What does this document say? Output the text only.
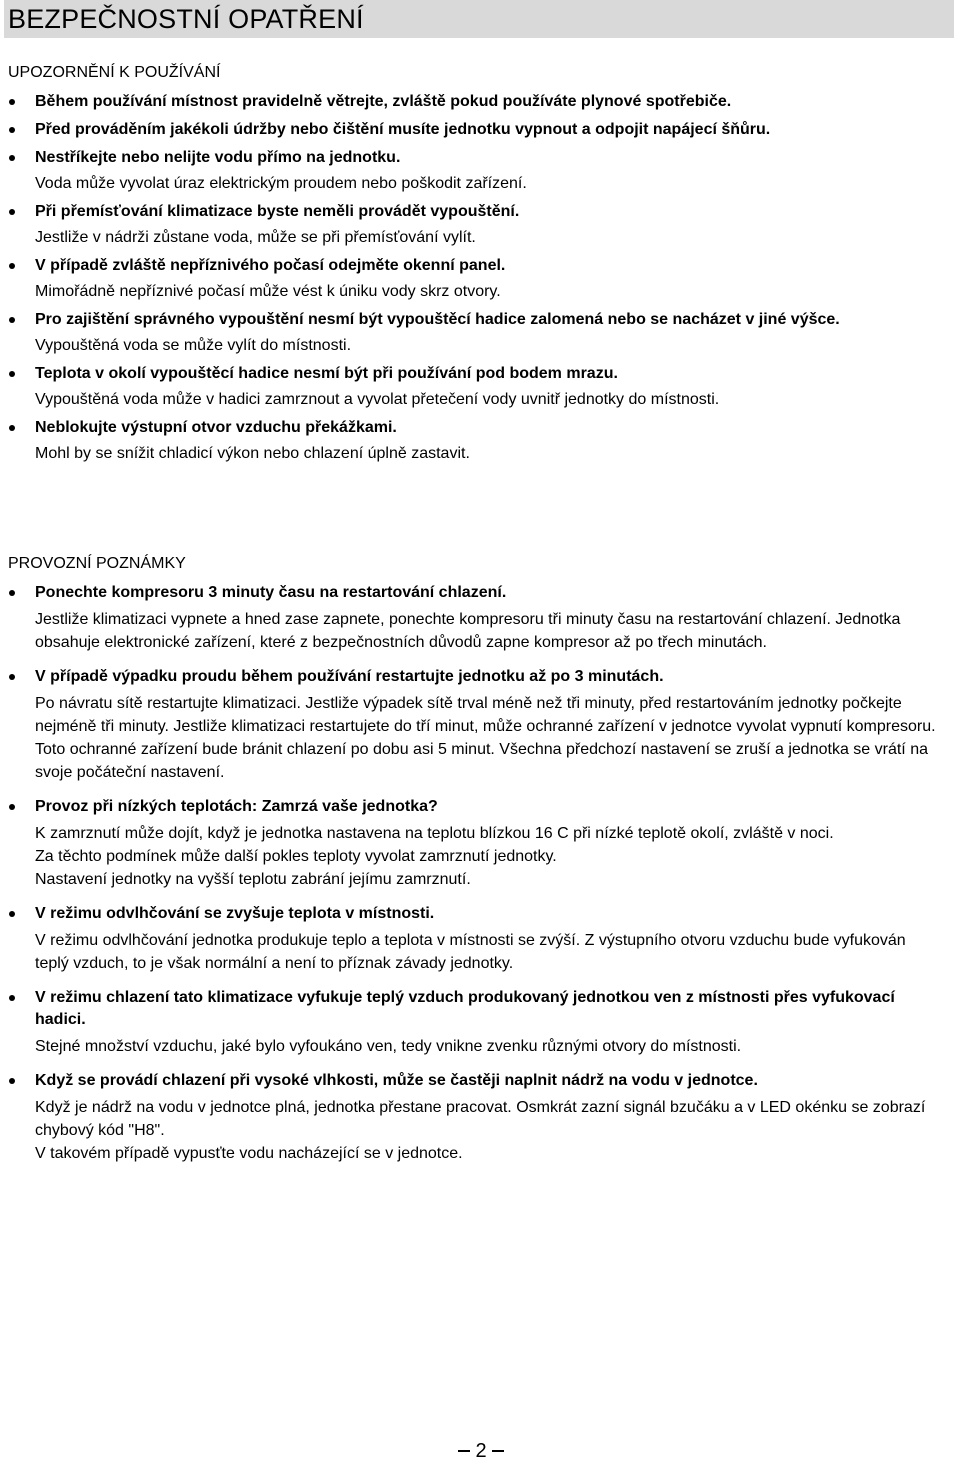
BEZPEČNOSTNÍ OPATŘENÍ
UPOZORNĚNÍ K POUŽÍVÁNÍ
Během používání místnost pravidelně větrejte, zvláště pokud používáte plynové spotřebiče.
Před prováděním jakékoli údržby nebo čištění musíte jednotku vypnout a odpojit napájecí šňůru.
Nestříkejte nebo nelijte vodu přímo na jednotku.
Voda může vyvolat úraz elektrickým proudem nebo poškodit zařízení.
Při přemísťování klimatizace byste neměli provádět vypouštění.
Jestliže v nádrži zůstane voda, může se při přemísťování vylít.
V případě zvláště nepříznivého počasí odejměte okenní panel.
Mimořádně nepříznivé počasí může vést k úniku vody skrz otvory.
Pro zajištění správného vypouštění nesmí být vypouštěcí hadice zalomená nebo se nacházet v jiné výšce.
Vypouštěná voda se může vylít do místnosti.
Teplota v okolí vypouštěcí hadice nesmí být při používání pod bodem mrazu.
Vypouštěná voda může v hadici zamrznout a vyvolat přetečení vody uvnitř jednotky do místnosti.
Neblokujte výstupní otvor vzduchu překážkami.
Mohl by se snížit chladicí výkon nebo chlazení úplně zastavit.
PROVOZNÍ POZNÁMKY
Ponechte kompresoru 3 minuty času na restartování chlazení.
Jestliže klimatizaci vypnete a hned zase zapnete, ponechte kompresoru tři minuty času na restartování chlazení. Jednotka obsahuje elektronické zařízení, které z bezpečnostních důvodů zapne kompresor až po třech minutách.
V případě výpadku proudu během používání restartujte jednotku až po 3 minutách.
Po návratu sítě restartujte klimatizaci. Jestliže výpadek sítě trval méně než tři minuty, před restartováním jednotky počkejte nejméně tři minuty. Jestliže klimatizaci restartujete do tří minut, může ochranné zařízení v jednotce vyvolat vypnutí kompresoru. Toto ochranné zařízení bude bránit chlazení po dobu asi 5 minut. Všechna předchozí nastavení se zruší a jednotka se vrátí na svoje počáteční nastavení.
Provoz při nízkých teplotách: Zamrzá vaše jednotka?
K zamrznutí může dojít, když je jednotka nastavena na teplotu blízkou 16 C při nízké teplotě okolí, zvláště v noci.
Za těchto podmínek může další pokles teploty vyvolat zamrznutí jednotky.
Nastavení jednotky na vyšší teplotu zabrání jejímu zamrznutí.
V režimu odvlhčování se zvyšuje teplota v místnosti.
V režimu odvlhčování jednotka produkuje teplo a teplota v místnosti se zvýší. Z výstupního otvoru vzduchu bude vyfukován teplý vzduch, to je však normální a není to příznak závady jednotky.
V režimu chlazení tato klimatizace vyfukuje teplý vzduch produkovaný jednotkou ven z místnosti přes vyfukovací hadici.
Stejné množství vzduchu, jaké bylo vyfoukáno ven, tedy vnikne zvenku různými otvory do místnosti.
Když se provádí chlazení při vysoké vlhkosti, může se častěji naplnit nádrž na vodu v jednotce.
Když je nádrž na vodu v jednotce plná, jednotka přestane pracovat. Osmkrát zazní signál bzučáku a v LED okénku se zobrazí chybový kód "H8".
V takovém případě vypusťte vodu nacházející se v jednotce.
2
